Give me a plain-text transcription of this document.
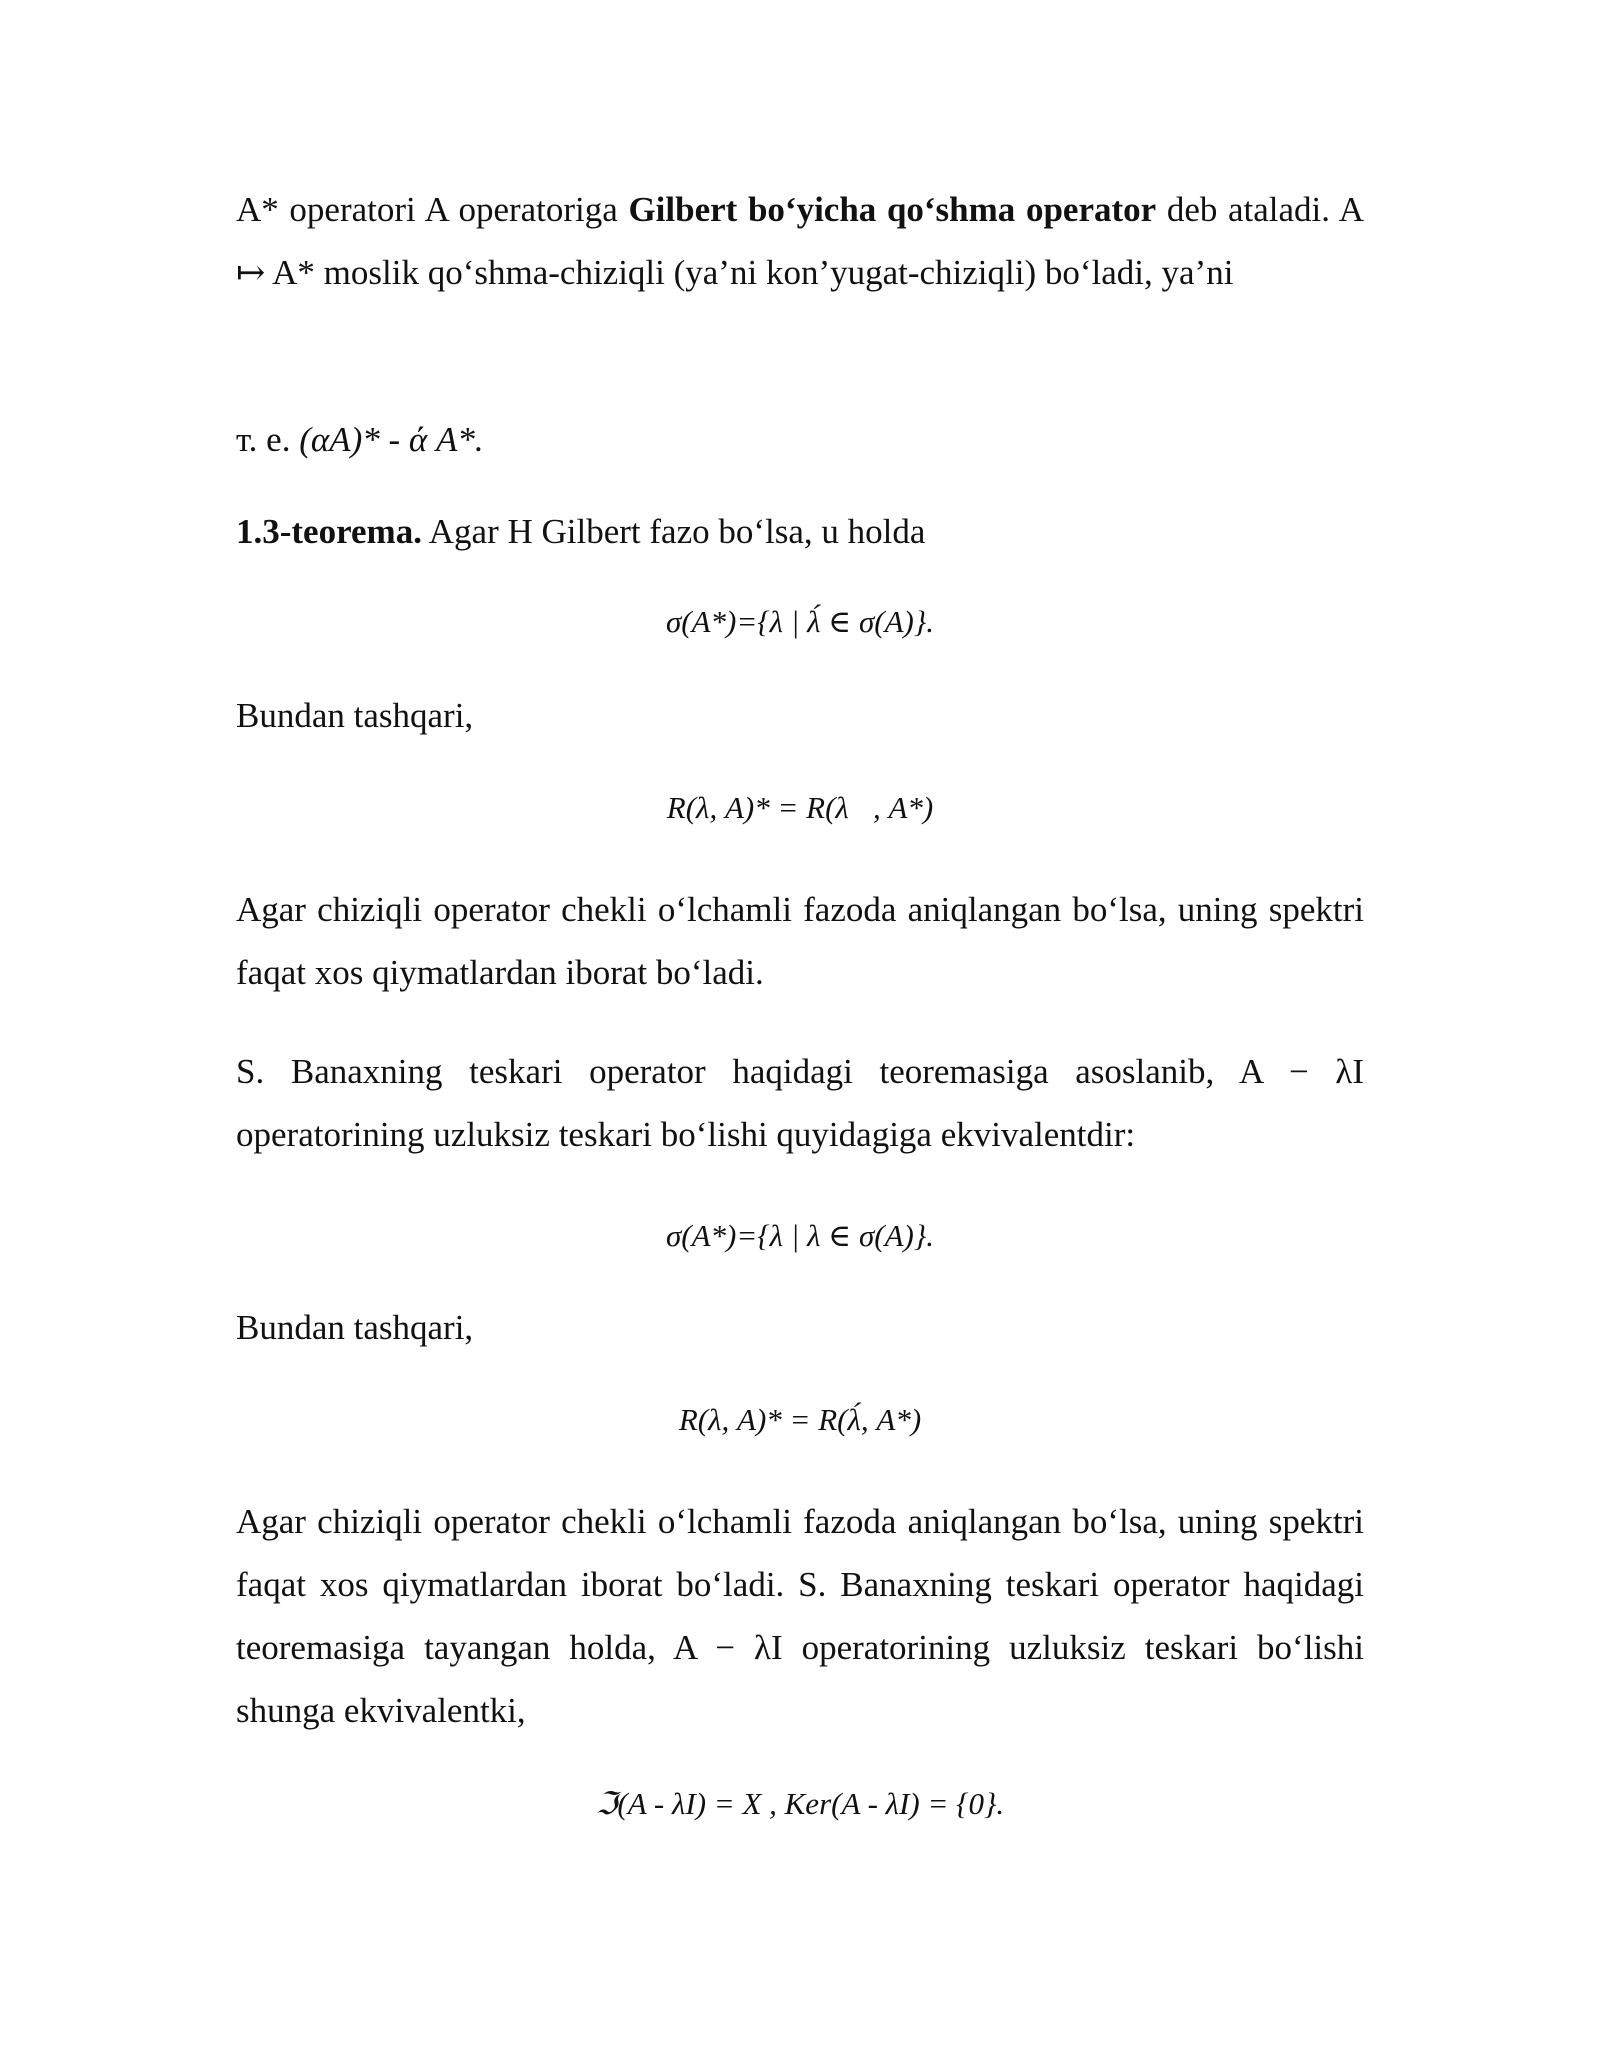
A* operatori A operatoriga Gilbert bo‘yicha qo‘shma operator deb ataladi. A ↦ A* moslik qo‘shma-chiziqli (ya’ni kon’yugat-chiziqli) bo‘ladi, ya’ni
т. е. (αA)* - ά A*.
1.3-teorema. Agar H Gilbert fazo bo‘lsa, u holda
σ(A*)={λ | λ́ ∈ σ(A)}.
Bundan tashqari,
R(λ, A)* = R(λ⃗, A*)
Agar chiziqli operator chekli o‘lchamli fazoda aniqlangan bo‘lsa, uning spektri faqat xos qiymatlardan iborat bo‘ladi.
S. Banaxning teskari operator haqidagi teoremasiga asoslanib, A − λI operatorining uzluksiz teskari bo‘lishi quyidagiga ekvivalentdir:
σ(A*)={λ | λ ∈ σ(A)}.
Bundan tashqari,
R(λ, A)* = R(λ́, A*)
Agar chiziqli operator chekli o‘lchamli fazoda aniqlangan bo‘lsa, uning spektri faqat xos qiymatlardan iborat bo‘ladi. S. Banaxning teskari operator haqidagi teoremasiga tayangan holda, A − λI operatorining uzluksiz teskari bo‘lishi shunga ekvivalentki,
ℑ(A - λI) = X , Ker(A - λI) = {0}.
